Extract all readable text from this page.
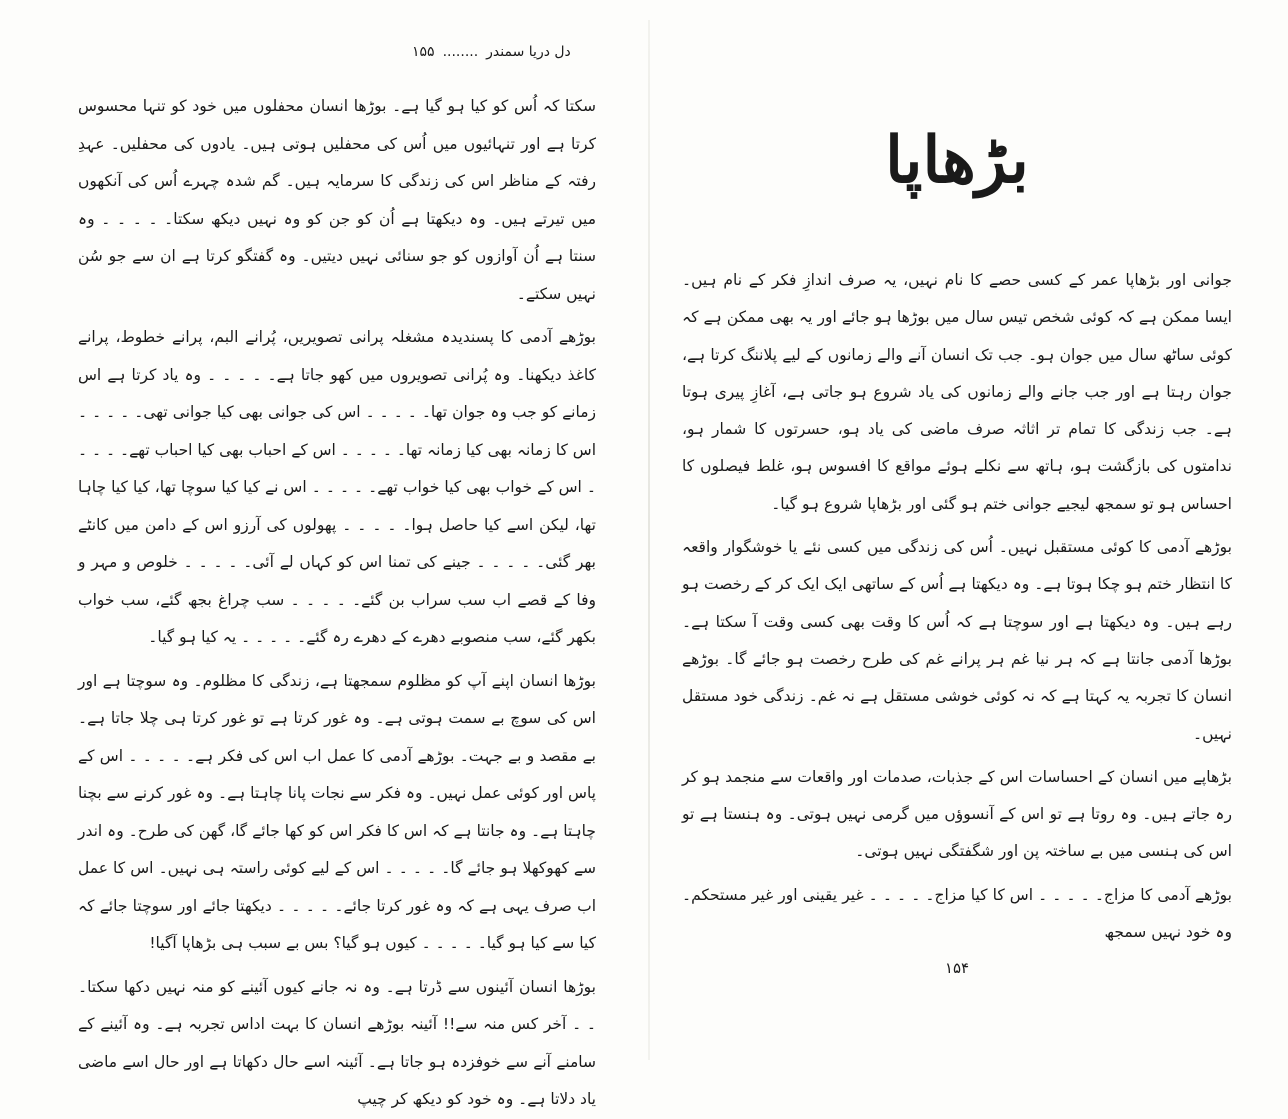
دل دریا سمندر........۱۵۵

سکتا کہ اُس کو کیا ہو گیا ہے۔ بوڑھا انسان محفلوں میں خود کو تنہا محسوس کرتا ہے اور تنہائیوں میں اُس کی محفلیں ہوتی ہیں۔ یادوں کی محفلیں۔ عہدِ رفتہ کے مناظر اس کی زندگی کا سرمایہ ہیں۔ گم شدہ چہرے اُس کی آنکھوں میں تیرتے ہیں۔ وہ دیکھتا ہے اُن کو جن کو وہ نہیں دیکھ سکتا۔ ۔ ۔ ۔ ۔ وہ سنتا ہے اُن آوازوں کو جو سنائی نہیں دیتیں۔ وہ گفتگو کرتا ہے ان سے جو سُن نہیں سکتے۔

بوڑھے آدمی کا پسندیدہ مشغلہ پرانی تصویریں، پُرانے البم، پرانے خطوط، پرانے کاغذ دیکھنا۔ وہ پُرانی تصویروں میں کھو جاتا ہے۔ ۔ ۔ ۔ ۔ وہ یاد کرتا ہے اس زمانے کو جب وہ جوان تھا۔ ۔ ۔ ۔ ۔ اس کی جوانی بھی کیا جوانی تھی۔ ۔ ۔ ۔ ۔ اس کا زمانہ بھی کیا زمانہ تھا۔ ۔ ۔ ۔ ۔ اس کے احباب بھی کیا احباب تھے۔ ۔ ۔ ۔ ۔ اس کے خواب بھی کیا خواب تھے۔ ۔ ۔ ۔ ۔ اس نے کیا کیا سوچا تھا، کیا کیا چاہا تھا، لیکن اسے کیا حاصل ہوا۔ ۔ ۔ ۔ ۔ پھولوں کی آرزو اس کے دامن میں کانٹے بھر گئی۔ ۔ ۔ ۔ ۔ جینے کی تمنا اس کو کہاں لے آئی۔ ۔ ۔ ۔ ۔ خلوص و مہر و وفا کے قصے اب سب سراب بن گئے۔ ۔ ۔ ۔ ۔ سب چراغ بجھ گئے، سب خواب بکھر گئے، سب منصوبے دھرے کے دھرے رہ گئے۔ ۔ ۔ ۔ ۔ یہ کیا ہو گیا۔

بوڑھا انسان اپنے آپ کو مظلوم سمجھتا ہے، زندگی کا مظلوم۔ وہ سوچتا ہے اور اس کی سوچ بے سمت ہوتی ہے۔ وہ غور کرتا ہے تو غور کرتا ہی چلا جاتا ہے۔ بے مقصد و بے جہت۔ بوڑھے آدمی کا عمل اب اس کی فکر ہے۔ ۔ ۔ ۔ ۔ اس کے پاس اور کوئی عمل نہیں۔ وہ فکر سے نجات پانا چاہتا ہے۔ وہ غور کرنے سے بچنا چاہتا ہے۔ وہ جانتا ہے کہ اس کا فکر اس کو کھا جائے گا، گھن کی طرح۔ وہ اندر سے کھوکھلا ہو جائے گا۔ ۔ ۔ ۔ ۔ اس کے لیے کوئی راستہ ہی نہیں۔ اس کا عمل اب صرف یہی ہے کہ وہ غور کرتا جائے۔ ۔ ۔ ۔ ۔ دیکھتا جائے اور سوچتا جائے کہ کیا سے کیا ہو گیا۔ ۔ ۔ ۔ ۔ کیوں ہو گیا؟ بس بے سبب ہی بڑھاپا آگیا!

بوڑھا انسان آئینوں سے ڈرتا ہے۔ وہ نہ جانے کیوں آئینے کو منہ نہیں دکھا سکتا۔ ۔ ۔ آخر کس منہ سے!! آئینہ بوڑھے انسان کا بہت اداس تجربہ ہے۔ وہ آئینے کے سامنے آنے سے خوفزدہ ہو جاتا ہے۔ آئینہ اسے حال دکھاتا ہے اور حال اسے ماضی یاد دلاتا ہے۔ وہ خود کو دیکھ کر چیپ

بڑھاپا

جوانی اور بڑھاپا عمر کے کسی حصے کا نام نہیں، یہ صرف اندازِ فکر کے نام ہیں۔ ایسا ممکن ہے کہ کوئی شخص تیس سال میں بوڑھا ہو جائے اور یہ بھی ممکن ہے کہ کوئی ساٹھ سال میں جوان ہو۔ جب تک انسان آنے والے زمانوں کے لیے پلاننگ کرتا ہے، جوان رہتا ہے اور جب جانے والے زمانوں کی یاد شروع ہو جاتی ہے، آغازِ پیری ہوتا ہے۔ جب زندگی کا تمام تر اثاثہ صرف ماضی کی یاد ہو، حسرتوں کا شمار ہو، ندامتوں کی بازگشت ہو، ہاتھ سے نکلے ہوئے مواقع کا افسوس ہو، غلط فیصلوں کا احساس ہو تو سمجھ لیجیے جوانی ختم ہو گئی اور بڑھاپا شروع ہو گیا۔

بوڑھے آدمی کا کوئی مستقبل نہیں۔ اُس کی زندگی میں کسی نئے یا خوشگوار واقعہ کا انتظار ختم ہو چکا ہوتا ہے۔ وہ دیکھتا ہے اُس کے ساتھی ایک ایک کر کے رخصت ہو رہے ہیں۔ وہ دیکھتا ہے اور سوچتا ہے کہ اُس کا وقت بھی کسی وقت آ سکتا ہے۔ بوڑھا آدمی جانتا ہے کہ ہر نیا غم ہر پرانے غم کی طرح رخصت ہو جائے گا۔ بوڑھے انسان کا تجربہ یہ کہتا ہے کہ نہ کوئی خوشی مستقل ہے نہ غم۔ زندگی خود مستقل نہیں۔

بڑھاپے میں انسان کے احساسات اس کے جذبات، صدمات اور واقعات سے منجمد ہو کر رہ جاتے ہیں۔ وہ روتا ہے تو اس کے آنسوؤں میں گرمی نہیں ہوتی۔ وہ ہنستا ہے تو اس کی ہنسی میں بے ساختہ پن اور شگفتگی نہیں ہوتی۔

بوڑھے آدمی کا مزاج۔ ۔ ۔ ۔ ۔ اس کا کیا مزاج۔ ۔ ۔ ۔ ۔ غیر یقینی اور غیر مستحکم۔ وہ خود نہیں سمجھ

۱۵۴
